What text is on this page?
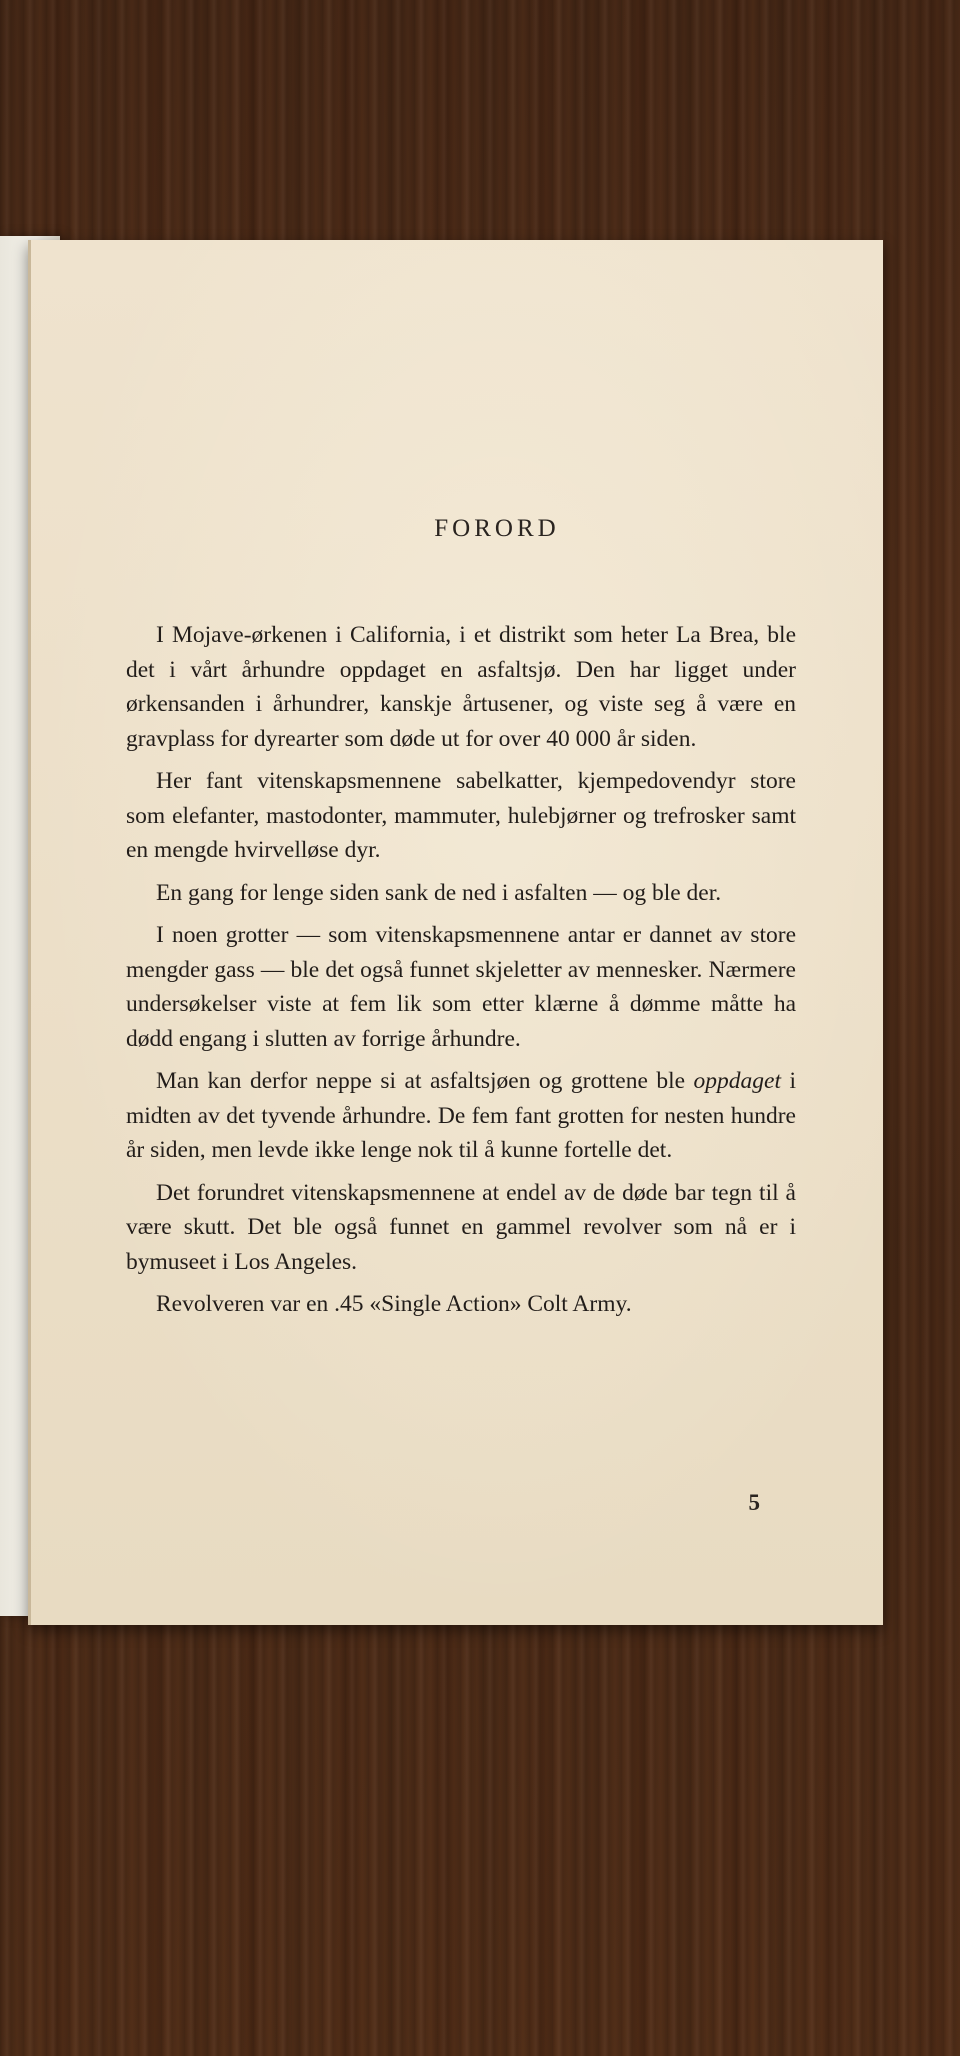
FORORD

I Mojave-ørkenen i California, i et distrikt som heter La Brea, ble det i vårt århundre oppdaget en asfaltsjø. Den har ligget under ørkensanden i århundrer, kanskje årtusener, og viste seg å være en gravplass for dyrearter som døde ut for over 40 000 år siden.

Her fant vitenskapsmennene sabelkatter, kjempedovendyr store som elefanter, mastodonter, mammuter, hulebjørner og trefrosker samt en mengde hvirvelløse dyr.

En gang for lenge siden sank de ned i asfalten — og ble der.

I noen grotter — som vitenskapsmennene antar er dannet av store mengder gass — ble det også funnet skjeletter av mennesker. Nærmere undersøkelser viste at fem lik som etter klærne å dømme måtte ha dødd engang i slutten av forrige århundre.

Man kan derfor neppe si at asfaltsjøen og grottene ble oppdaget i midten av det tyvende århundre. De fem fant grotten for nesten hundre år siden, men levde ikke lenge nok til å kunne fortelle det.

Det forundret vitenskapsmennene at endel av de døde bar tegn til å være skutt. Det ble også funnet en gammel revolver som nå er i bymuseet i Los Angeles.

Revolveren var en .45 «Single Action» Colt Army.

5
